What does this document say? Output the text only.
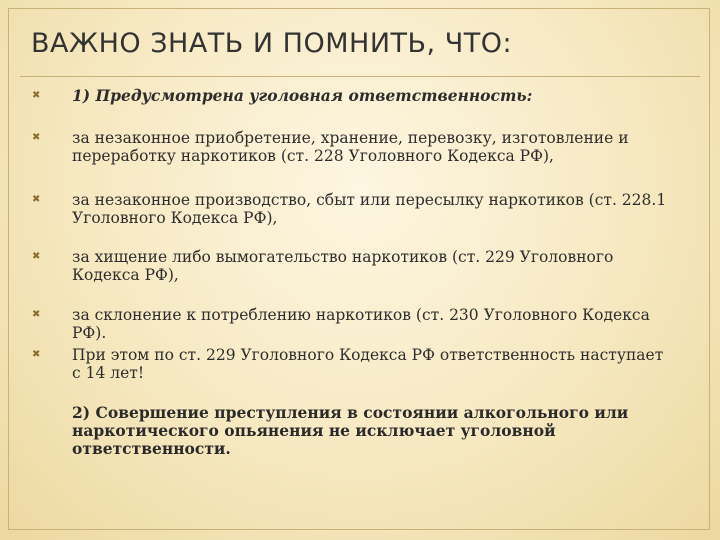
ВАЖНО ЗНАТЬ И ПОМНИТЬ, ЧТО:
✖ 1) Предусмотрена уголовная ответственность:
✖ за незаконное приобретение, хранение, перевозку, изготовление и переработку наркотиков (ст. 228 Уголовного Кодекса РФ),
✖ за незаконное производство, сбыт или пересылку наркотиков (ст. 228.1 Уголовного Кодекса РФ),
✖ за хищение либо вымогательство наркотиков (ст. 229 Уголовного Кодекса РФ),
✖ за склонение к потреблению наркотиков (ст. 230 Уголовного Кодекса РФ).
✖ При этом по ст. 229 Уголовного Кодекса РФ ответственность наступает с 14 лет!
2) Совершение преступления в состоянии алкогольного или наркотического опьянения не исключает уголовной ответственности.
